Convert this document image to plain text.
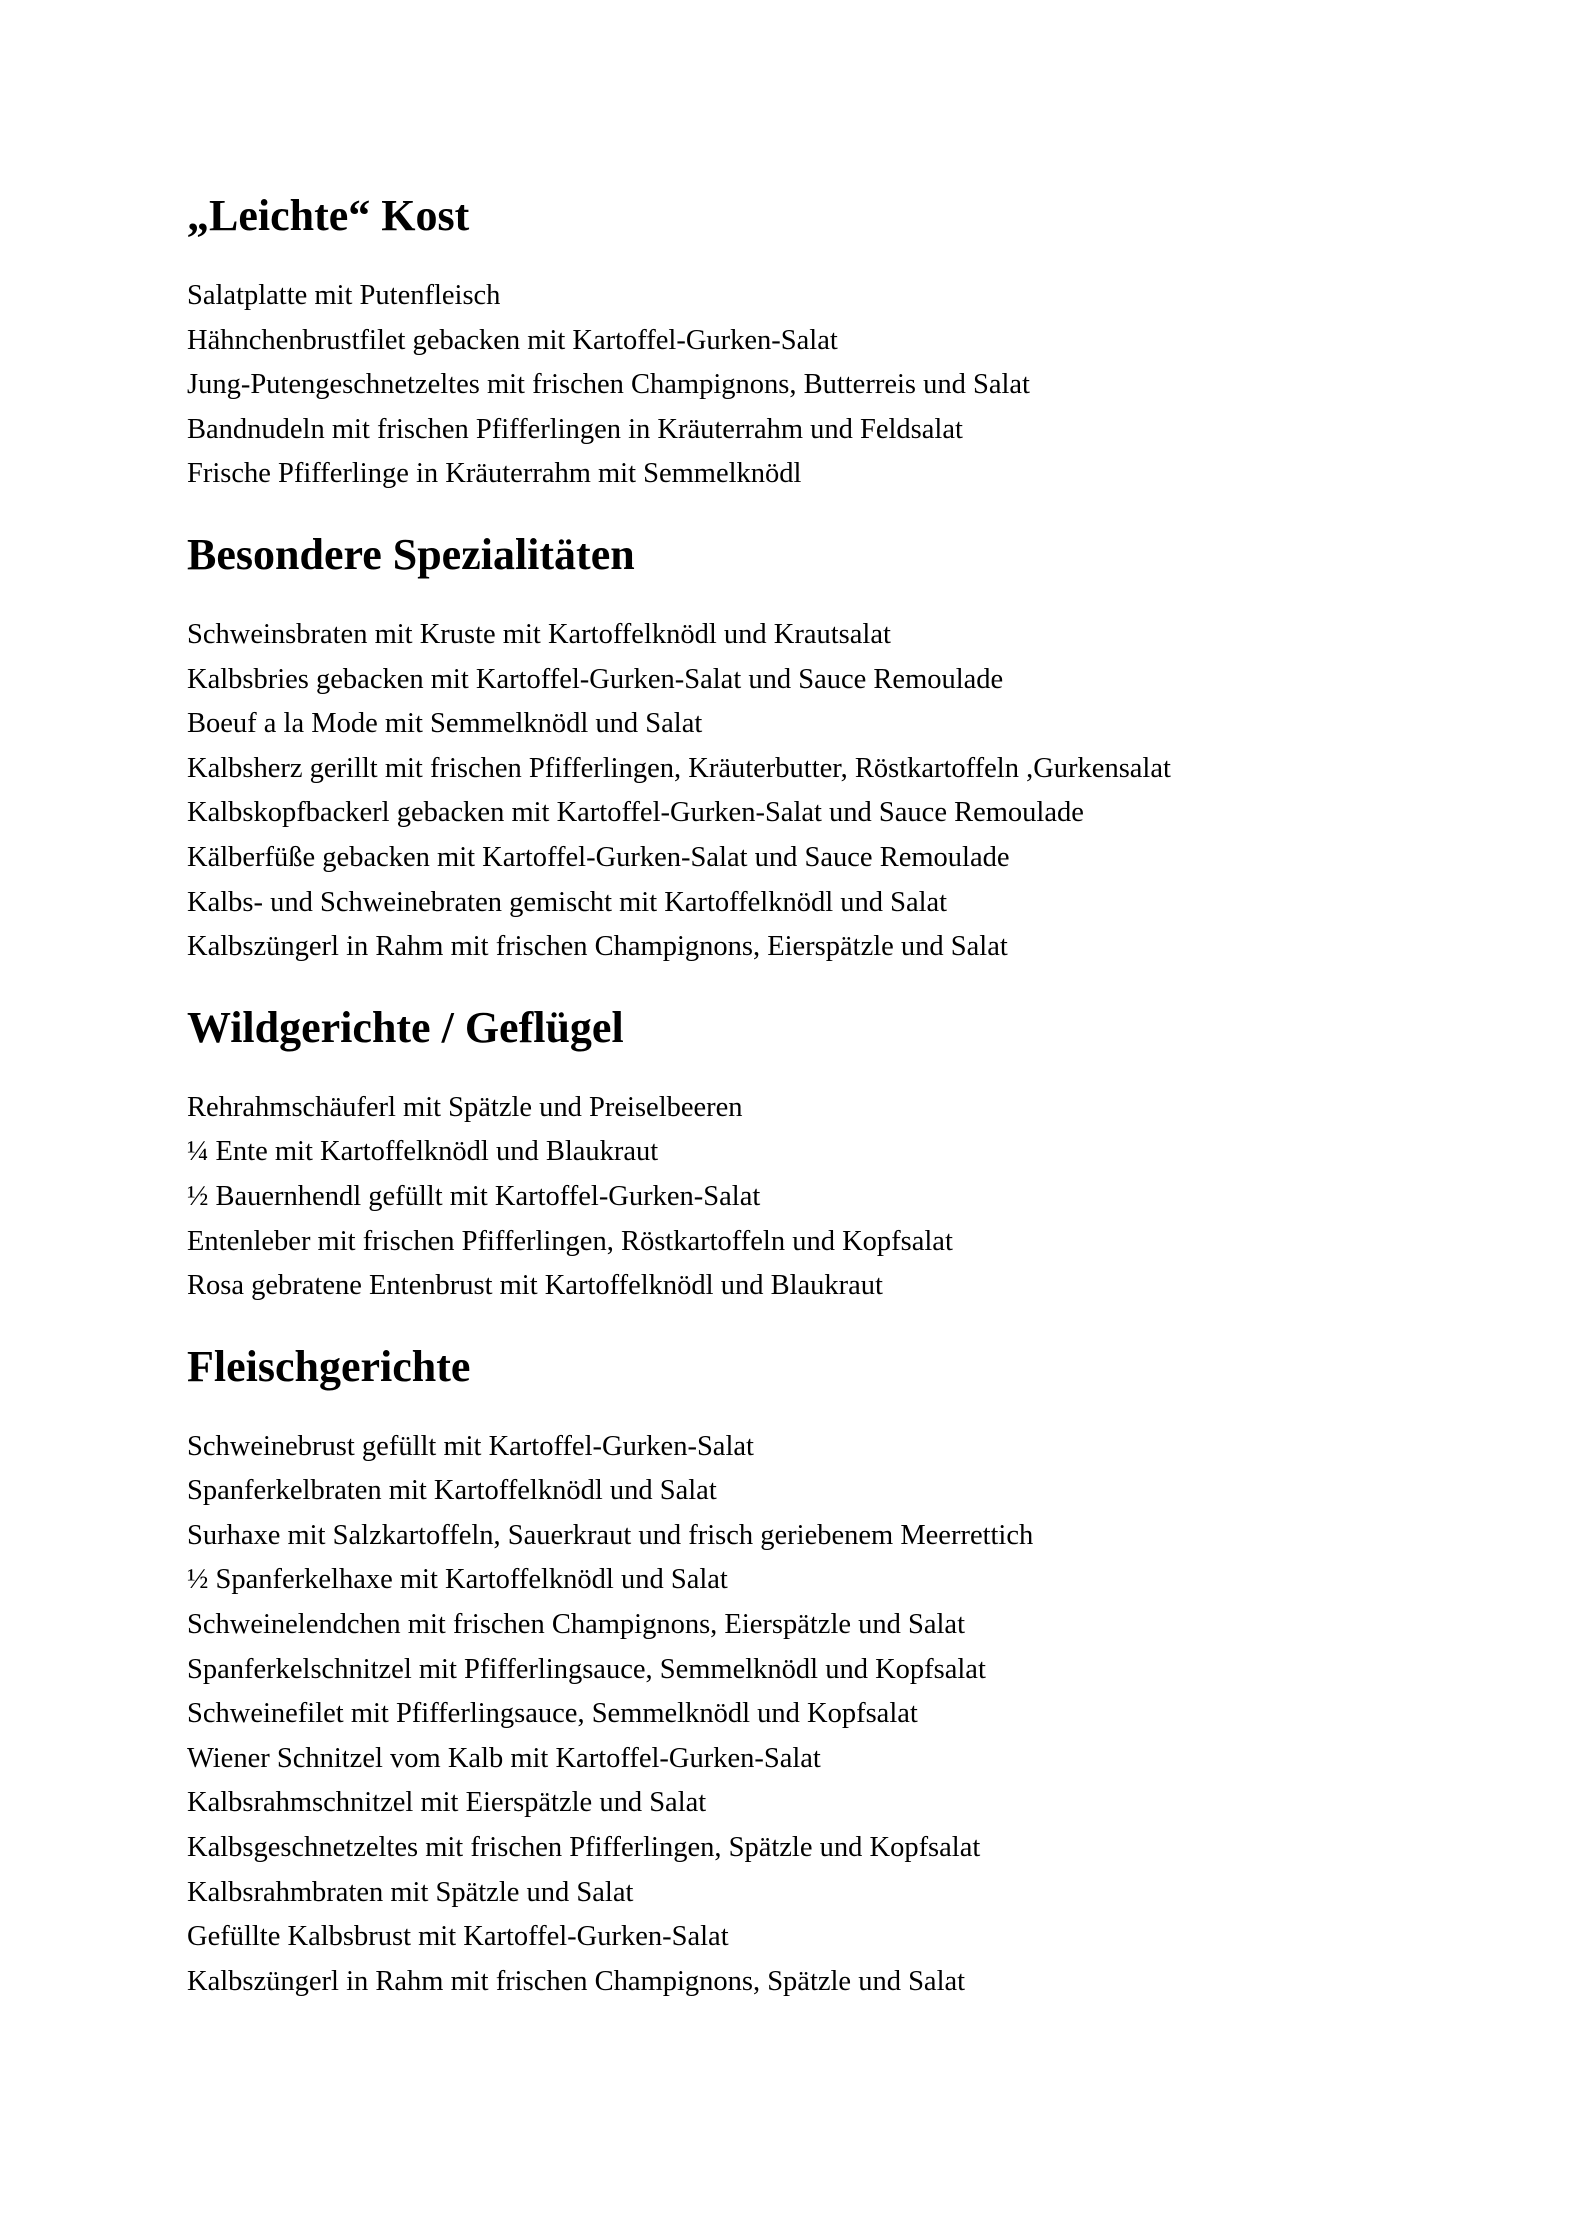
„Leichte“ Kost
Salatplatte mit Putenfleisch
Hähnchenbrustfilet gebacken mit Kartoffel-Gurken-Salat
Jung-Putengeschnetzeltes mit frischen Champignons, Butterreis und Salat
Bandnudeln mit frischen Pfifferlingen in Kräuterrahm und Feldsalat
Frische Pfifferlinge in Kräuterrahm mit Semmelknödl
Besondere Spezialitäten
Schweinsbraten mit Kruste mit Kartoffelknödl und Krautsalat
Kalbsbries gebacken mit Kartoffel-Gurken-Salat und Sauce Remoulade
Boeuf a la Mode mit Semmelknödl und Salat
Kalbsherz gerillt mit frischen Pfifferlingen, Kräuterbutter, Röstkartoffeln ,Gurkensalat
Kalbskopfbackerl gebacken mit Kartoffel-Gurken-Salat und Sauce Remoulade
Kälberfüße gebacken mit Kartoffel-Gurken-Salat und Sauce Remoulade
Kalbs- und Schweinebraten gemischt mit Kartoffelknödl und Salat
Kalbszüngerl in Rahm mit frischen Champignons, Eierspätzle und Salat
Wildgerichte / Geflügel
Rehrahmschäuferl mit Spätzle und Preiselbeeren
¼ Ente mit Kartoffelknödl und Blaukraut
½ Bauernhendl gefüllt mit Kartoffel-Gurken-Salat
Entenleber mit frischen Pfifferlingen, Röstkartoffeln und Kopfsalat
Rosa gebratene Entenbrust mit Kartoffelknödl und Blaukraut
Fleischgerichte
Schweinebrust gefüllt mit Kartoffel-Gurken-Salat
Spanferkelbraten mit Kartoffelknödl und Salat
Surhaxe mit Salzkartoffeln, Sauerkraut und frisch geriebenem Meerrettich
½ Spanferkelhaxe mit Kartoffelknödl und Salat
Schweinelendchen mit frischen Champignons, Eierspätzle und Salat
Spanferkelschnitzel mit Pfifferlingsauce, Semmelknödl und Kopfsalat
Schweinefilet mit Pfifferlingsauce, Semmelknödl und Kopfsalat
Wiener Schnitzel vom Kalb mit Kartoffel-Gurken-Salat
Kalbsrahmschnitzel mit Eierspätzle und Salat
Kalbsgeschnetzeltes mit frischen Pfifferlingen, Spätzle und Kopfsalat
Kalbsrahmbraten mit Spätzle und Salat
Gefüllte Kalbsbrust mit Kartoffel-Gurken-Salat
Kalbszüngerl in Rahm mit frischen Champignons, Spätzle und Salat
